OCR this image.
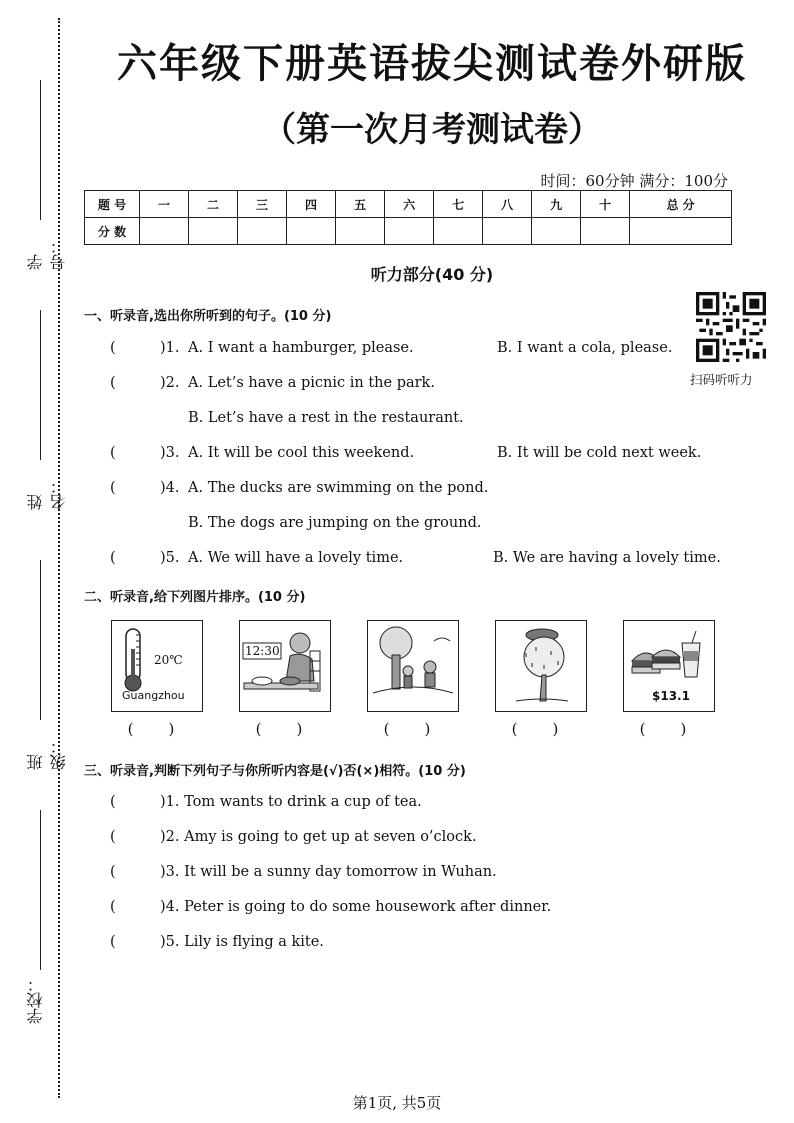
学号：
姓名：
班级：
学校：
六年级下册英语拔尖测试卷外研版
（第一次月考测试卷）
时间：60分钟 满分：100分
题 号	一	二	三	四	五	六	七	八	九	十	总 分
分 数											
听力部分(40 分)
扫码听听力
一、听录音,选出你所听到的句子。(10 分)
(	)1. A. I want a hamburger, please.	B. I want a cola, please.
(	)2. A. Let’s have a picnic in the park.
B. Let’s have a rest in the restaurant.
(	)3. A. It will be cool this weekend.	B. It will be cold next week.
(	)4. A. The ducks are swimming on the pond.
B. The dogs are jumping on the ground.
(	)5. A. We will have a lovely time.	B. We are having a lovely time.
二、听录音,给下列图片排序。(10 分)
20℃
Guangzhou
12:30
$13.1
(　)	(　)	(　)	(　)	(　)
三、听录音,判断下列句子与你所听内容是(√)否(×)相符。(10 分)
(	)1. Tom wants to drink a cup of tea.
(	)2. Amy is going to get up at seven o’clock.
(	)3. It will be a sunny day tomorrow in Wuhan.
(	)4. Peter is going to do some housework after dinner.
(	)5. Lily is flying a kite.
第1页, 共5页
